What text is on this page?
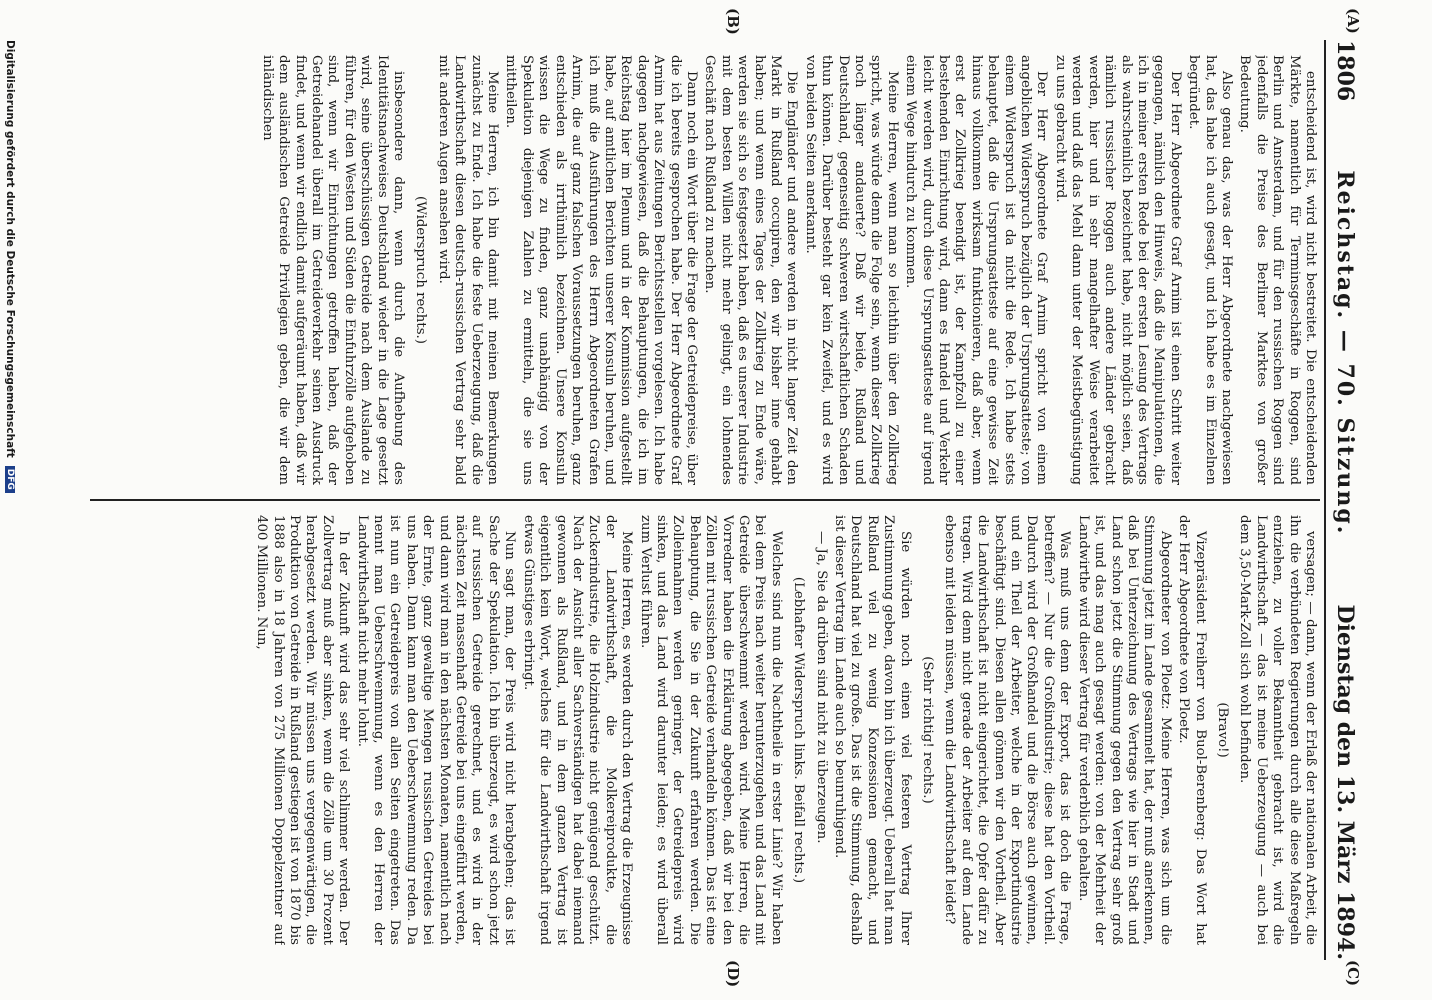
1806
Reichstag. — 70. Sitzung.
Dienstag den 13. März 1894.
(A)
(B)
(C)
(D)

entscheidend ist, wird nicht bestreitet. Die entscheidenden Märkte, namentlich für Terminsgeschäfte in Roggen, sind Berlin und Amsterdam, und für den russischen Roggen sind jedenfalls die Preise des Berliner Marktes von großer Bedeutung.

Also genau das, was der Herr Abgeordnete nachgewiesen hat, das habe ich auch gesagt, und ich habe es im Einzelnen begründet.

Der Herr Abgeordnete Graf Arnim ist einen Schritt weiter gegangen, nämlich den Hinweis, daß die Manipulationen, die ich in meiner ersten Rede bei der ersten Lesung des Vertrags als wahrscheinlich bezeichnet habe, nicht möglich seien, daß nämlich russischer Roggen auch andere Länder gebracht werden, hier und in sehr mangelhafter Weise verarbeitet werden und daß das Mehl dann unter der Meistbegünstigung zu uns gebracht wird.

Der Herr Abgeordnete Graf Arnim spricht von einem angeblichen Widerspruch bezüglich der Ursprungsatteste; von einem Widerspruch ist da nicht die Rede. Ich habe stets behauptet, daß die Ursprungsatteste auf eine gewisse Zeit hinaus vollkommen wirksam funktionieren, daß aber, wenn erst der Zollkrieg beendigt ist, der Kampfzoll zu einer bestehenden Einrichtung wird, dann es Handel und Verkehr leicht werden wird, durch diese Ursprungsatteste auf irgend einem Wege hindurch zu kommen.

Meine Herren, wenn man so leichthin über den Zollkrieg spricht, was würde denn die Folge sein, wenn dieser Zollkrieg noch länger andauerte? Daß wir beide, Rußland und Deutschland, gegenseitig schweren wirtschaftlichen Schaden thun können. Darüber besteht gar kein Zweifel, und es wird von beiden Seiten anerkannt.

Die Engländer und andere werden in nicht langer Zeit den Markt in Rußland occupiren, den wir bisher inne gehabt haben; und wenn eines Tages der Zollkrieg zu Ende wäre, werden sie sich so festgesetzt haben, daß es unserer Industrie mit dem besten Willen nicht mehr gelingt, ein lohnendes Geschäft nach Rußland zu machen.

Dann noch ein Wort über die Frage der Getreidepreise, über die ich bereits gesprochen habe. Der Herr Abgeordnete Graf Arnim hat aus Zeitungen Berichtsstellen vorgelesen. Ich habe dagegen nachgewiesen, daß die Behauptungen, die ich im Reichstag hier im Plenum und in der Kommission aufgestellt habe, auf amtlichen Berichten unserer Konsuln beruhen, und ich muß die Ausführungen des Herrn Abgeordneten Grafen Arnim, die auf ganz falschen Voraussetzungen beruhen, ganz entschieden als irrthümlich bezeichnen. Unsere Konsuln wissen die Wege zu finden, ganz unabhängig von der Spekulation diejenigen Zahlen zu ermitteln, die sie uns mittheilen.

Meine Herren, ich bin damit mit meinen Bemerkungen zunächst zu Ende. Ich habe die feste Ueberzeugung, daß die Landwirthschaft diesen deutsch-russischen Vertrag sehr bald mit anderen Augen ansehen wird.

(Widerspruch rechts.)

insbesondere dann, wenn durch die Aufhebung des Identitätsnachweises Deutschland wieder in die Lage gesetzt wird, seine überschüssigen Getreide nach dem Auslande zu führen, für den Westen und Süden die Einfuhrzölle aufgehoben sind, wenn wir Einrichtungen getroffen haben, daß der Getreidehandel überall im Getreideverkehr seinen Ausdruck findet, und wenn wir endlich damit aufgeräumt haben, daß wir dem ausländischen Getreide Privilegien geben, die wir dem inländischen

versagen; — dann, wenn der Erlaß der nationalen Arbeit, die ihn die verbündeten Regierungen durch alle diese Maßregeln entziehen, zu voller Bekanntheit gebracht ist, wird die Landwirthschaft — das ist meine Ueberzeugung — auch bei dem 3,50-Mark-Zoll sich wohl befinden.

(Bravo!)

Vizepräsident Freiherr von Buol-Berenberg: Das Wort hat der Herr Abgeordnete von Ploetz.

Abgeordneter von Ploetz: Meine Herren, was sich um die Stimmung jetzt im Lande gesammelt hat, der muß anerkennen, daß bei Unterzeichnung des Vertrags wie hier in Stadt und Land schon jetzt die Stimmung gegen den Vertrag sehr groß ist, und das mag auch gesagt werden: von der Mehrheit der Landwirthe wird dieser Vertrag für verderblich gehalten.

Was muß uns denn der Export, das ist doch die Frage, betreffen? — Nur die Großindustrie; diese hat den Vortheil. Dadurch wird der Großhandel und die Börse auch gewinnen, und ein Theil der Arbeiter, welche in der Exportindustrie beschäftigt sind. Diesen allen gönnen wir den Vortheil. Aber die Landwirthschaft ist nicht eingerichtet, die Opfer dafür zu tragen. Wird denn nicht gerade der Arbeiter auf dem Lande ebenso mit leiden müssen, wenn die Landwirthschaft leidet?

(Sehr richtig! rechts.)

Sie würden noch einen viel festeren Vertrag Ihrer Zustimmung geben, davon bin ich überzeugt. Ueberall hat man Rußland viel zu wenig Konzessionen gemacht, und Deutschland hat viel zu große. Das ist die Stimmung, deshalb ist dieser Vertrag im Lande auch so beunruhigend.

— Ja, Sie da drüben sind nicht zu überzeugen.

(Lebhafter Widerspruch links. Beifall rechts.)

Welches sind nun die Nachtheile in erster Linie? Wir haben bei dem Preis nach weiter herunterzugehen und das Land mit Getreide überschwemmt werden wird. Meine Herren, die Vorredner haben die Erklärung abgegeben, daß wir bei den Zöllen mit russischen Getreide verhandeln können. Das ist eine Behauptung, die Sie in der Zukunft erfahren werden. Die Zolleinnahmen werden geringer, der Getreidepreis wird sinken, und das Land wird darunter leiden; es wird überall zum Verlust führen.

Meine Herren, es werden durch den Vertrag die Erzeugnisse der Landwirthschaft, die Molkereiprodukte, die Zuckerindustrie, die Holzindustrie nicht genügend geschützt. Nach der Ansicht aller Sachverständigen hat dabei niemand gewonnen als Rußland, und in dem ganzen Vertrag ist eigentlich kein Wort, welches für die Landwirthschaft irgend etwas Günstiges erbringt.

Nun sagt man, der Preis wird nicht herabgehen; das ist Sache der Spekulation. Ich bin überzeugt, es wird schon jetzt auf russischen Getreide gerechnet, und es wird in der nächsten Zeit massenhaft Getreide bei uns eingeführt werden, und dann wird man in den nächsten Monaten, namentlich nach der Ernte, ganz gewaltige Mengen russischen Getreides bei uns haben. Dann kann man den Ueberschwemmung reden. Da ist nun ein Getreidepreis von allen Seiten eingetreten. Das nennt man Ueberschwemmung, wenn es den Herren der Landwirthschaft nicht mehr lohnt.

In der Zukunft wird das sehr viel schlimmer werden. Der Zollvertrag muß aber sinken, wenn die Zölle um 30 Prozent herabgesetzt werden. Wir müssen uns vergegenwärtigen, die Produktion von Getreide in Rußland gestiegen ist von 1870 bis 1888 also in 18 Jahren von 275 Millionen Doppelzentner auf 400 Millionen. Nun,

Digitalisierung gefördert durch die Deutsche Forschungsgemeinschaft
DFG
